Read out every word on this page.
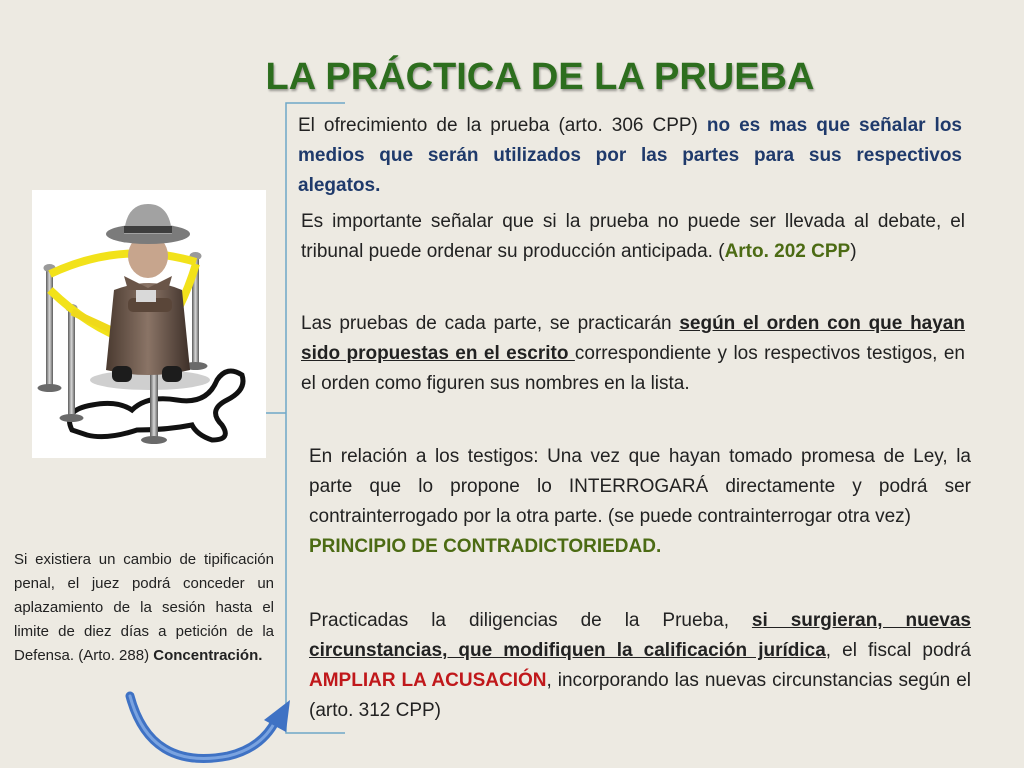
LA PRÁCTICA DE LA PRUEBA

El ofrecimiento de la prueba (arto. 306 CPP) no es mas que señalar los medios que serán utilizados por las partes para sus respectivos alegatos.

Es importante señalar que si la prueba no puede ser llevada al debate, el tribunal puede ordenar su producción anticipada. (Arto. 202 CPP)

Las pruebas de cada parte, se practicarán según el orden con que hayan sido propuestas en el escrito correspondiente y los respectivos testigos, en el orden como figuren sus nombres en la lista.

En relación a los testigos: Una vez que hayan tomado promesa de Ley, la parte que lo propone lo INTERROGARÁ directamente y podrá ser contrainterrogado por la otra parte. (se puede contrainterrogar otra vez)
PRINCIPIO DE CONTRADICTORIEDAD.

Practicadas la diligencias de la Prueba, si surgieran, nuevas circunstancias, que modifiquen la calificación jurídica, el fiscal podrá AMPLIAR LA ACUSACIÓN, incorporando las nuevas circunstancias según el (arto. 312 CPP)

Si existiera un cambio de tipificación penal, el juez podrá conceder un aplazamiento de la sesión hasta el limite de diez días a petición de la Defensa. (Arto. 288) Concentración.
